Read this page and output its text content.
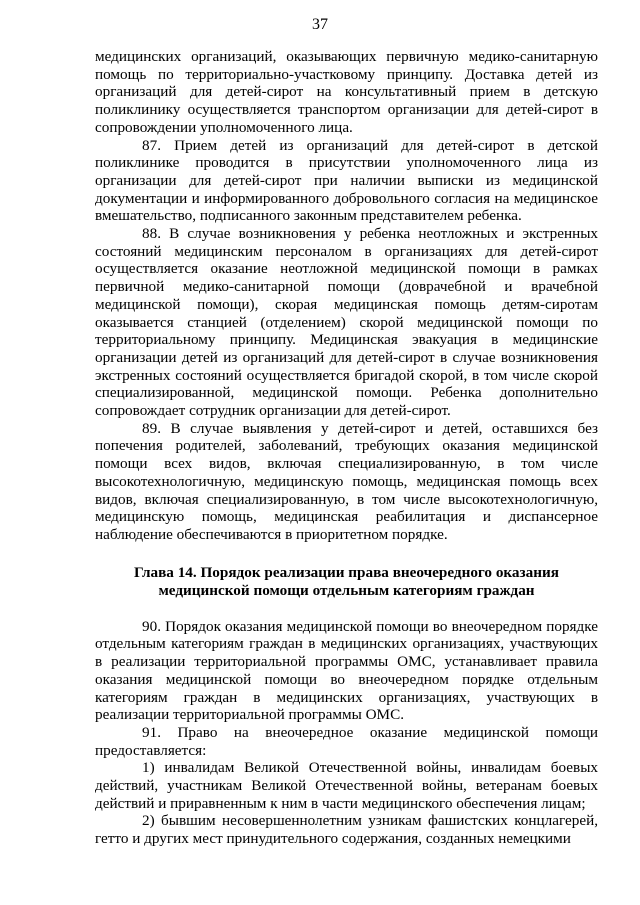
37

медицинских организаций, оказывающих первичную медико-санитарную помощь по территориально-участковому принципу. Доставка детей из организаций для детей-сирот на консультативный прием в детскую поликлинику осуществляется транспортом организации для детей-сирот в сопровождении уполномоченного лица.

87. Прием детей из организаций для детей-сирот в детской поликлинике проводится в присутствии уполномоченного лица из организации для детей-сирот при наличии выписки из медицинской документации и информированного добровольного согласия на медицинское вмешательство, подписанного законным представителем ребенка.

88. В случае возникновения у ребенка неотложных и экстренных состояний медицинским персоналом в организациях для детей-сирот осуществляется оказание неотложной медицинской помощи в рамках первичной медико-санитарной помощи (доврачебной и врачебной медицинской помощи), скорая медицинская помощь детям-сиротам оказывается станцией (отделением) скорой медицинской помощи по территориальному принципу. Медицинская эвакуация в медицинские организации детей из организаций для детей-сирот в случае возникновения экстренных состояний осуществляется бригадой скорой, в том числе скорой специализированной, медицинской помощи. Ребенка дополнительно сопровождает сотрудник организации для детей-сирот.

89. В случае выявления у детей-сирот и детей, оставшихся без попечения родителей, заболеваний, требующих оказания медицинской помощи всех видов, включая специализированную, в том числе высокотехнологичную, медицинскую помощь, медицинская помощь всех видов, включая специализированную, в том числе высокотехнологичную, медицинскую помощь, медицинская реабилитация и диспансерное наблюдение обеспечиваются в приоритетном порядке.

Глава 14. Порядок реализации права внеочередного оказания
медицинской помощи отдельным категориям граждан

90. Порядок оказания медицинской помощи во внеочередном порядке отдельным категориям граждан в медицинских организациях, участвующих в реализации территориальной программы ОМС, устанавливает правила оказания медицинской помощи во внеочередном порядке отдельным категориям граждан в медицинских организациях, участвующих в реализации территориальной программы ОМС.

91. Право на внеочередное оказание медицинской помощи предоставляется:

1) инвалидам Великой Отечественной войны, инвалидам боевых действий, участникам Великой Отечественной войны, ветеранам боевых действий и приравненным к ним в части медицинского обеспечения лицам;

2) бывшим несовершеннолетним узникам фашистских концлагерей, гетто и других мест принудительного содержания, созданных немецкими
